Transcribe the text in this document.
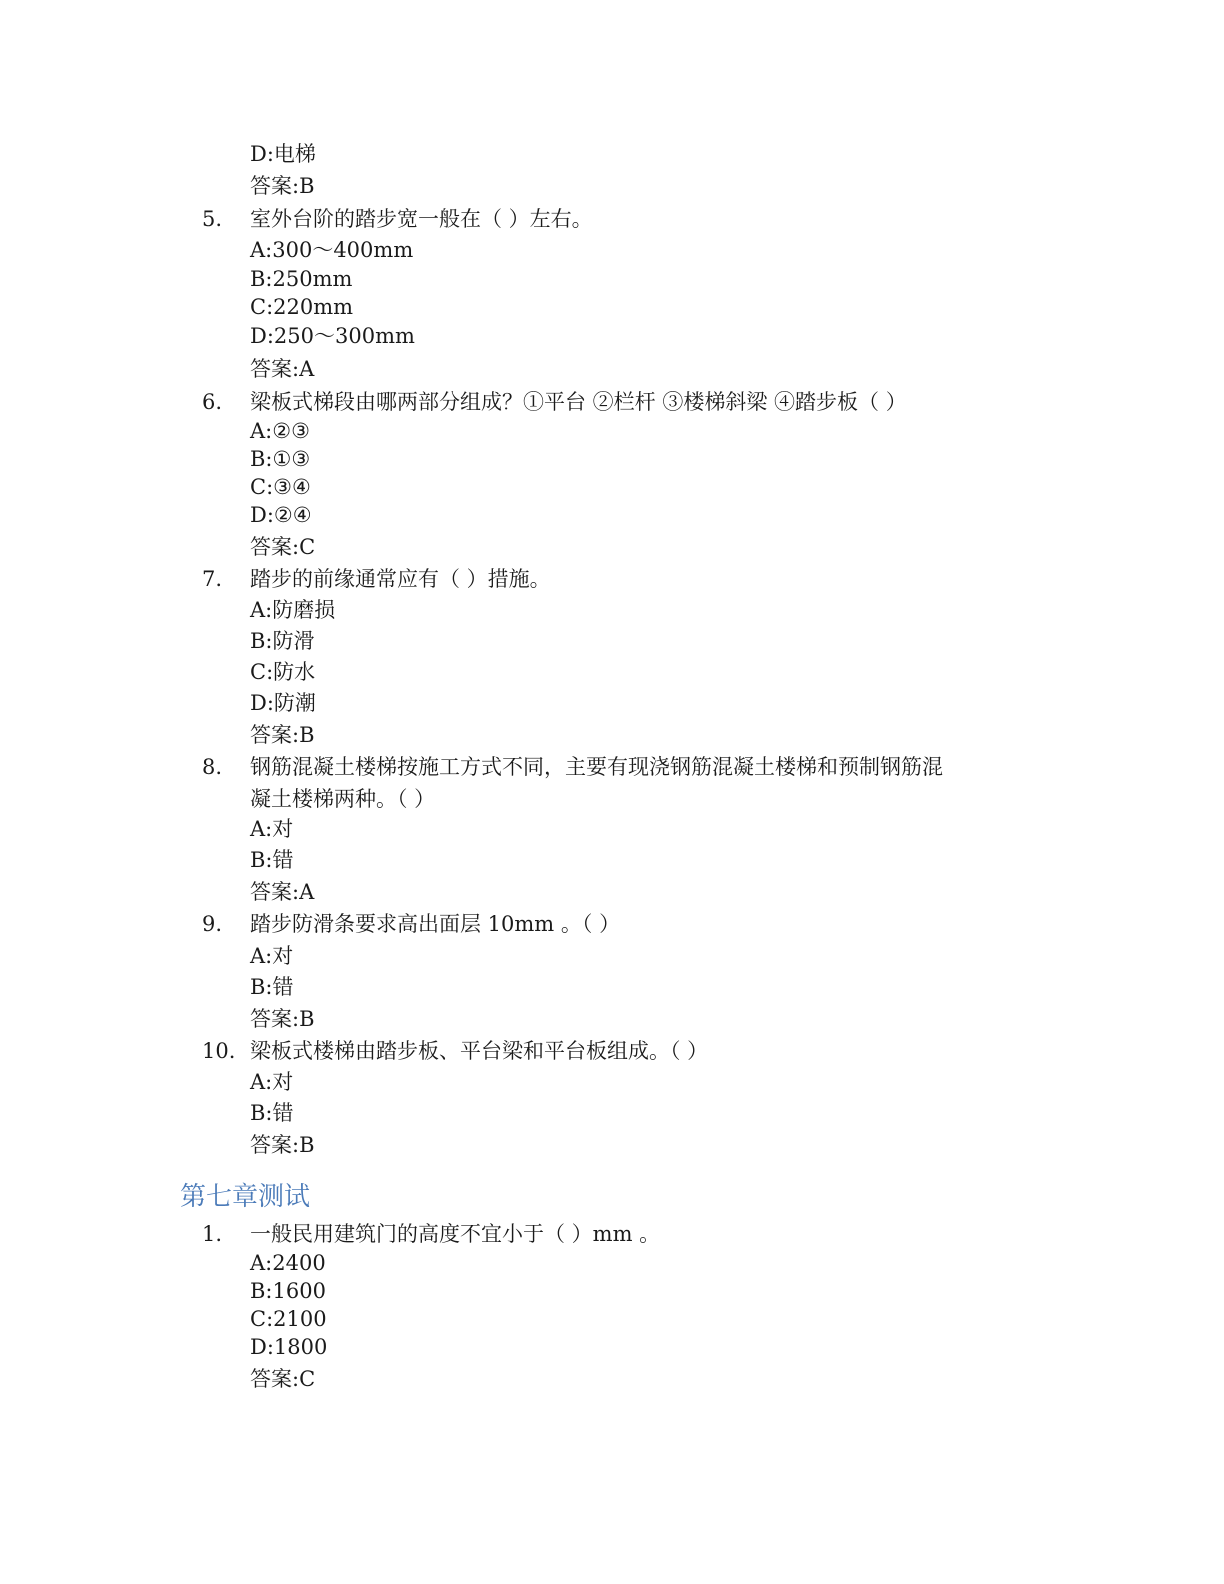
D:电梯
答案:B
5. 室外台阶的踏步宽一般在（ ）左右。
A:300～400mm
B:250mm
C:220mm
D:250～300mm
答案:A
6. 梁板式梯段由哪两部分组成？①平台 ②栏杆 ③楼梯斜梁 ④踏步板（ ）
A:②③
B:①③
C:③④
D:②④
答案:C
7. 踏步的前缘通常应有（ ）措施。
A:防磨损
B:防滑
C:防水
D:防潮
答案:B
8. 钢筋混凝土楼梯按施工方式不同，主要有现浇钢筋混凝土楼梯和预制钢筋混
凝土楼梯两种。（ ）
A:对
B:错
答案:A
9. 踏步防滑条要求高出面层 10mm 。（ ）
A:对
B:错
答案:B
10. 梁板式楼梯由踏步板、平台梁和平台板组成。（ ）
A:对
B:错
答案:B
第七章测试
1. 一般民用建筑门的高度不宜小于（ ）mm 。
A:2400
B:1600
C:2100
D:1800
答案:C
